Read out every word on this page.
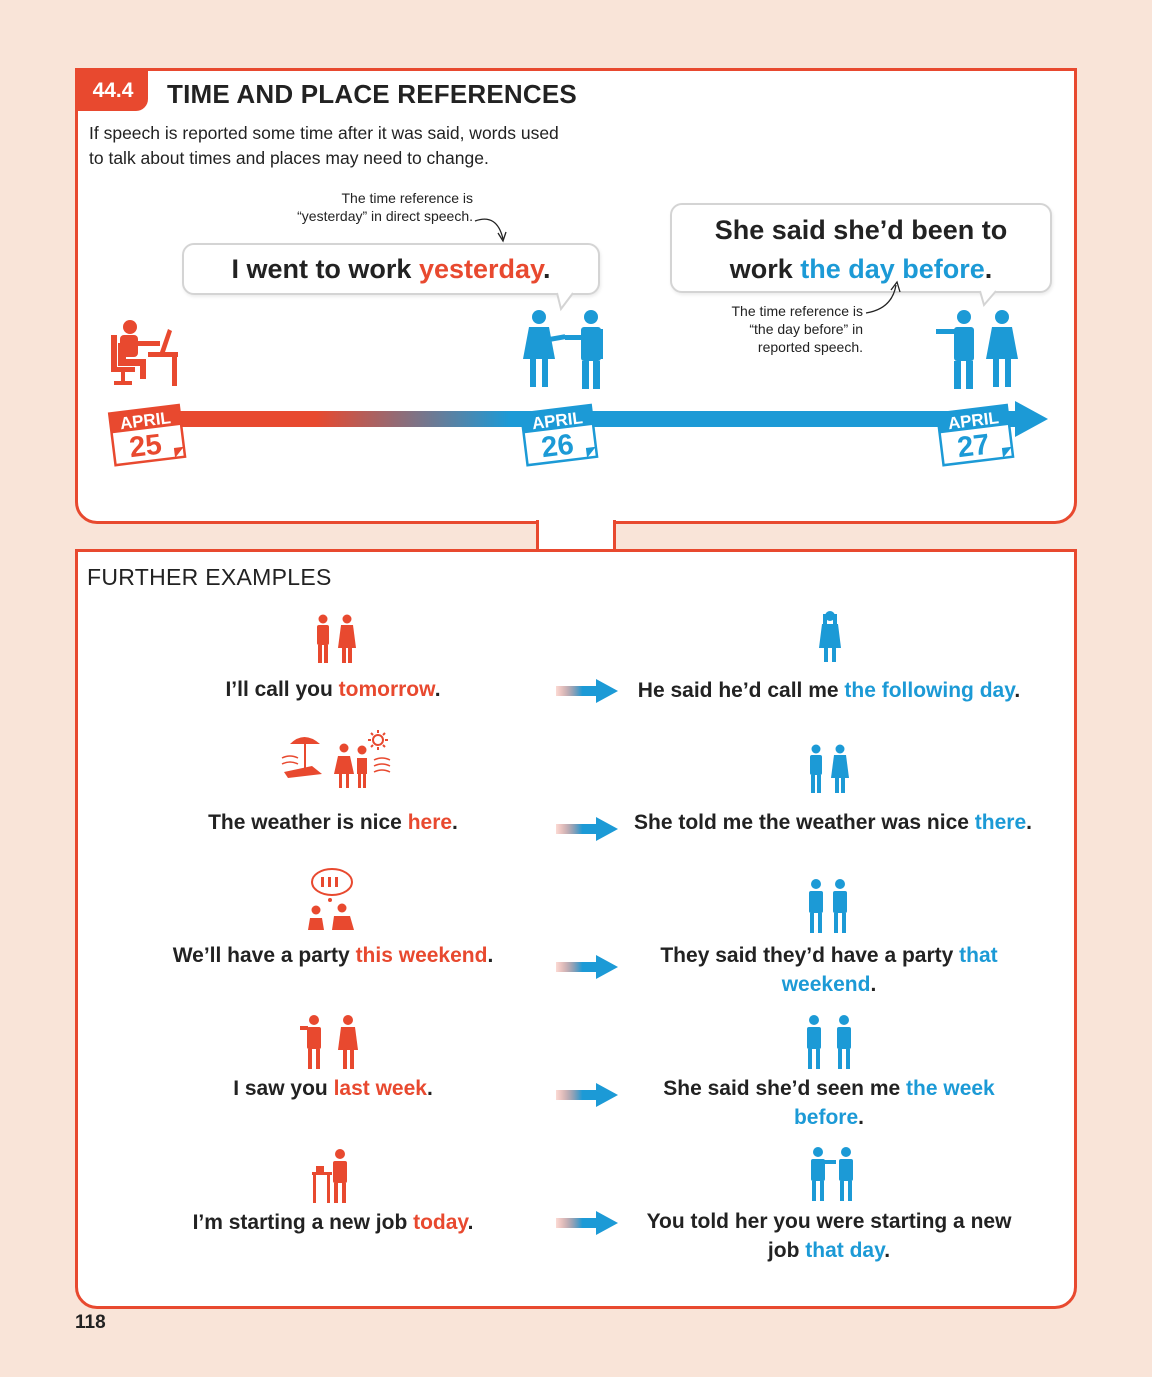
44.4	TIME AND PLACE REFERENCES
If speech is reported some time after it was said, words used to talk about times and places may need to change.
The time reference is “yesterday” in direct speech.
I went to work yesterday.
She said she’d been to
work the day before.
The time reference is “the day before” in reported speech.
APRIL
25
APRIL
26
APRIL
27
FURTHER EXAMPLES
I’ll call you tomorrow.	He said he’d call me the following day.
The weather is nice here.	She told me the weather was nice there.
We’ll have a party this weekend.	They said they’d have a party that weekend.
I saw you last week.	She said she’d seen me the week before.
I’m starting a new job today.	You told her you were starting a new job that day.
118
